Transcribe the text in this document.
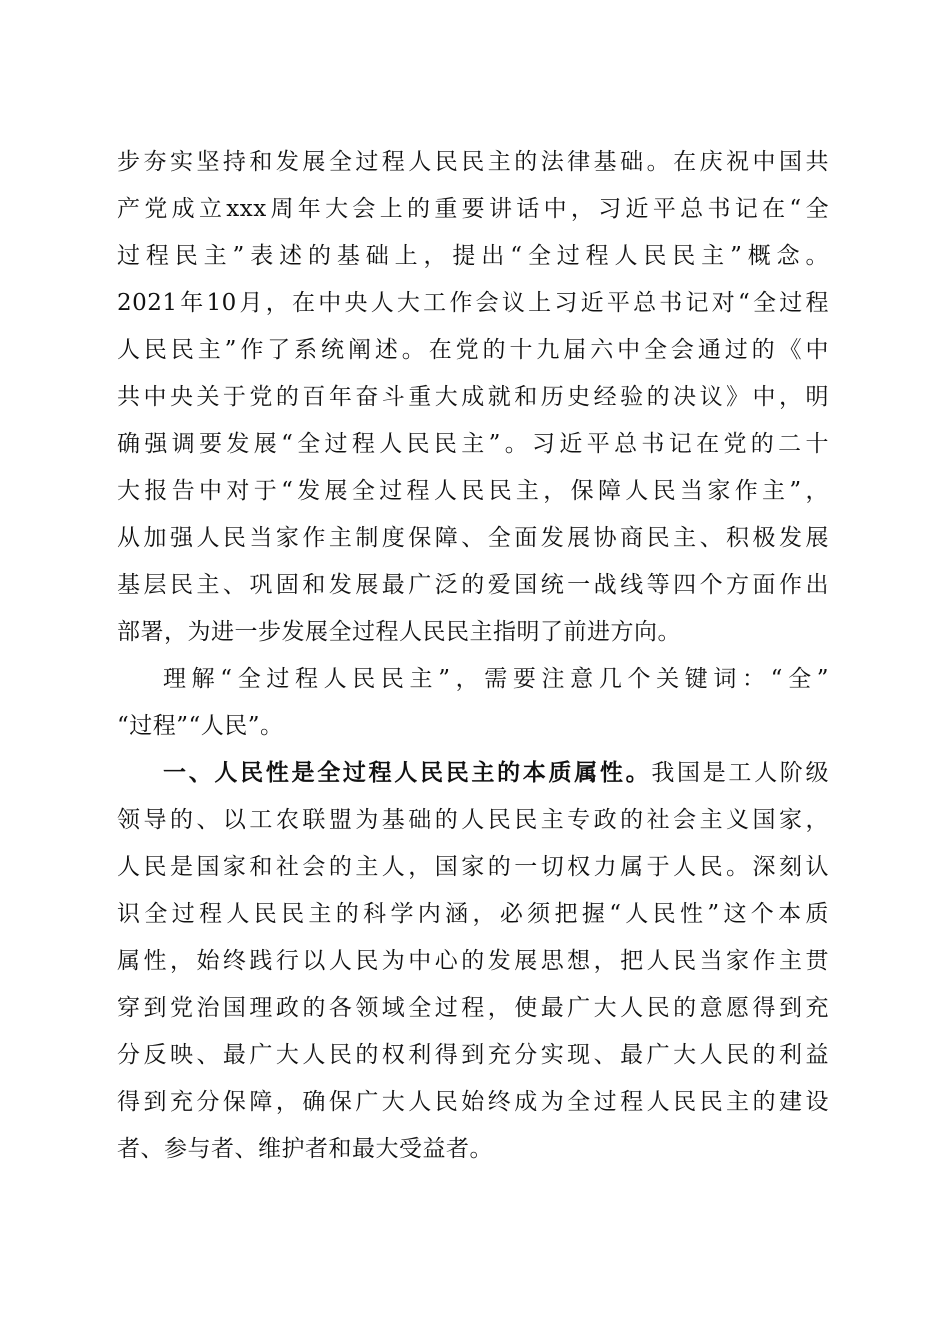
步夯实坚持和发展全过程人民民主的法律基础。在庆祝中国共
产党成立xxx周年大会上的重要讲话中，习近平总书记在“全
过程民主”表述的基础上，提出“全过程人民民主”概念。
2021年10月，在中央人大工作会议上习近平总书记对“全过程
人民民主”作了系统阐述。在党的十九届六中全会通过的《中
共中央关于党的百年奋斗重大成就和历史经验的决议》中，明
确强调要发展“全过程人民民主”。习近平总书记在党的二十
大报告中对于“发展全过程人民民主，保障人民当家作主”，
从加强人民当家作主制度保障、全面发展协商民主、积极发展
基层民主、巩固和发展最广泛的爱国统一战线等四个方面作出
部署，为进一步发展全过程人民民主指明了前进方向。
理解“全过程人民民主”，需要注意几个关键词：“全”
“过程”“人民”。
一、人民性是全过程人民民主的本质属性。我国是工人阶级
领导的、以工农联盟为基础的人民民主专政的社会主义国家，
人民是国家和社会的主人，国家的一切权力属于人民。深刻认
识全过程人民民主的科学内涵，必须把握“人民性”这个本质
属性，始终践行以人民为中心的发展思想，把人民当家作主贯
穿到党治国理政的各领域全过程，使最广大人民的意愿得到充
分反映、最广大人民的权利得到充分实现、最广大人民的利益
得到充分保障，确保广大人民始终成为全过程人民民主的建设
者、参与者、维护者和最大受益者。
